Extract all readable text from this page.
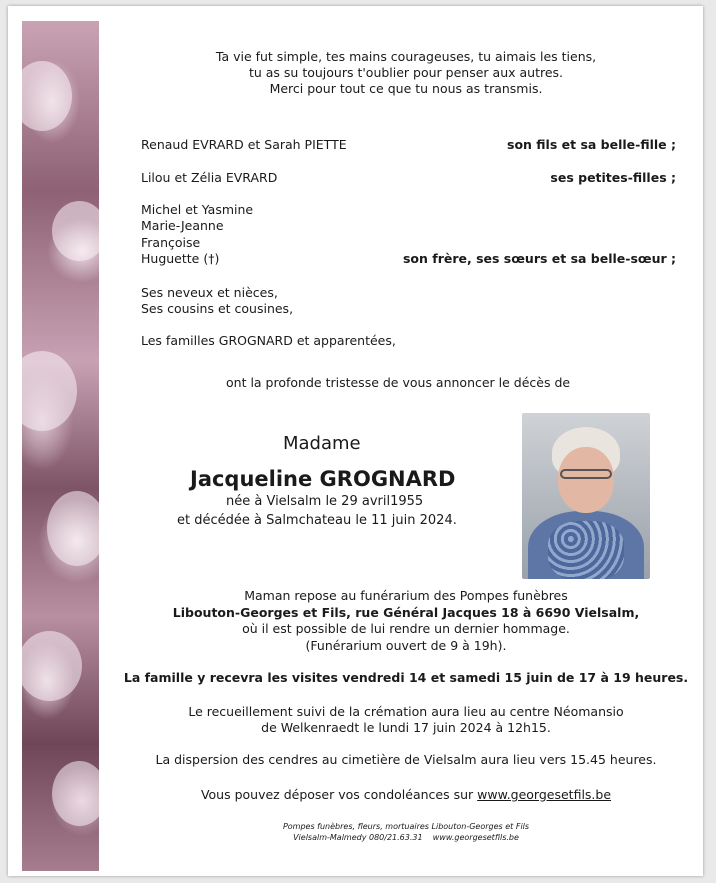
Ta vie fut simple, tes mains courageuses, tu aimais les tiens,
tu as su toujours t'oublier pour penser aux autres.
Merci pour tout ce que tu nous as transmis.
Renaud EVRARD et Sarah PIETTE	son fils et sa belle-fille ;
Lilou et Zélia EVRARD	ses petites-filles ;
Michel et Yasmine
Marie-Jeanne
Françoise
Huguette (†)	son frère, ses sœurs et sa belle-sœur ;
Ses neveux et nièces,
Ses cousins et cousines,
Les familles GROGNARD et apparentées,
ont la profonde tristesse de vous annoncer le décès de
Madame
Jacqueline GROGNARD
née à Vielsalm le 29 avril1955
et décédée à Salmchateau le 11 juin 2024.
Maman repose au funérarium des Pompes funèbres
Libouton-Georges et Fils, rue Général Jacques 18 à 6690 Vielsalm,
où il est possible de lui rendre un dernier hommage.
(Funérarium ouvert de 9 à 19h).
La famille y recevra les visites vendredi 14 et samedi 15 juin de 17 à 19 heures.
Le recueillement suivi de la crémation aura lieu au centre Néomansio
de Welkenraedt le lundi 17 juin 2024 à 12h15.
La dispersion des cendres au cimetière de Vielsalm aura lieu vers 15.45 heures.
Vous pouvez déposer vos condoléances sur www.georgesetfils.be
Pompes funèbres, fleurs, mortuaires Libouton-Georges et Fils
Vielsalm-Malmedy 080/21.63.31 www.georgesetfils.be
